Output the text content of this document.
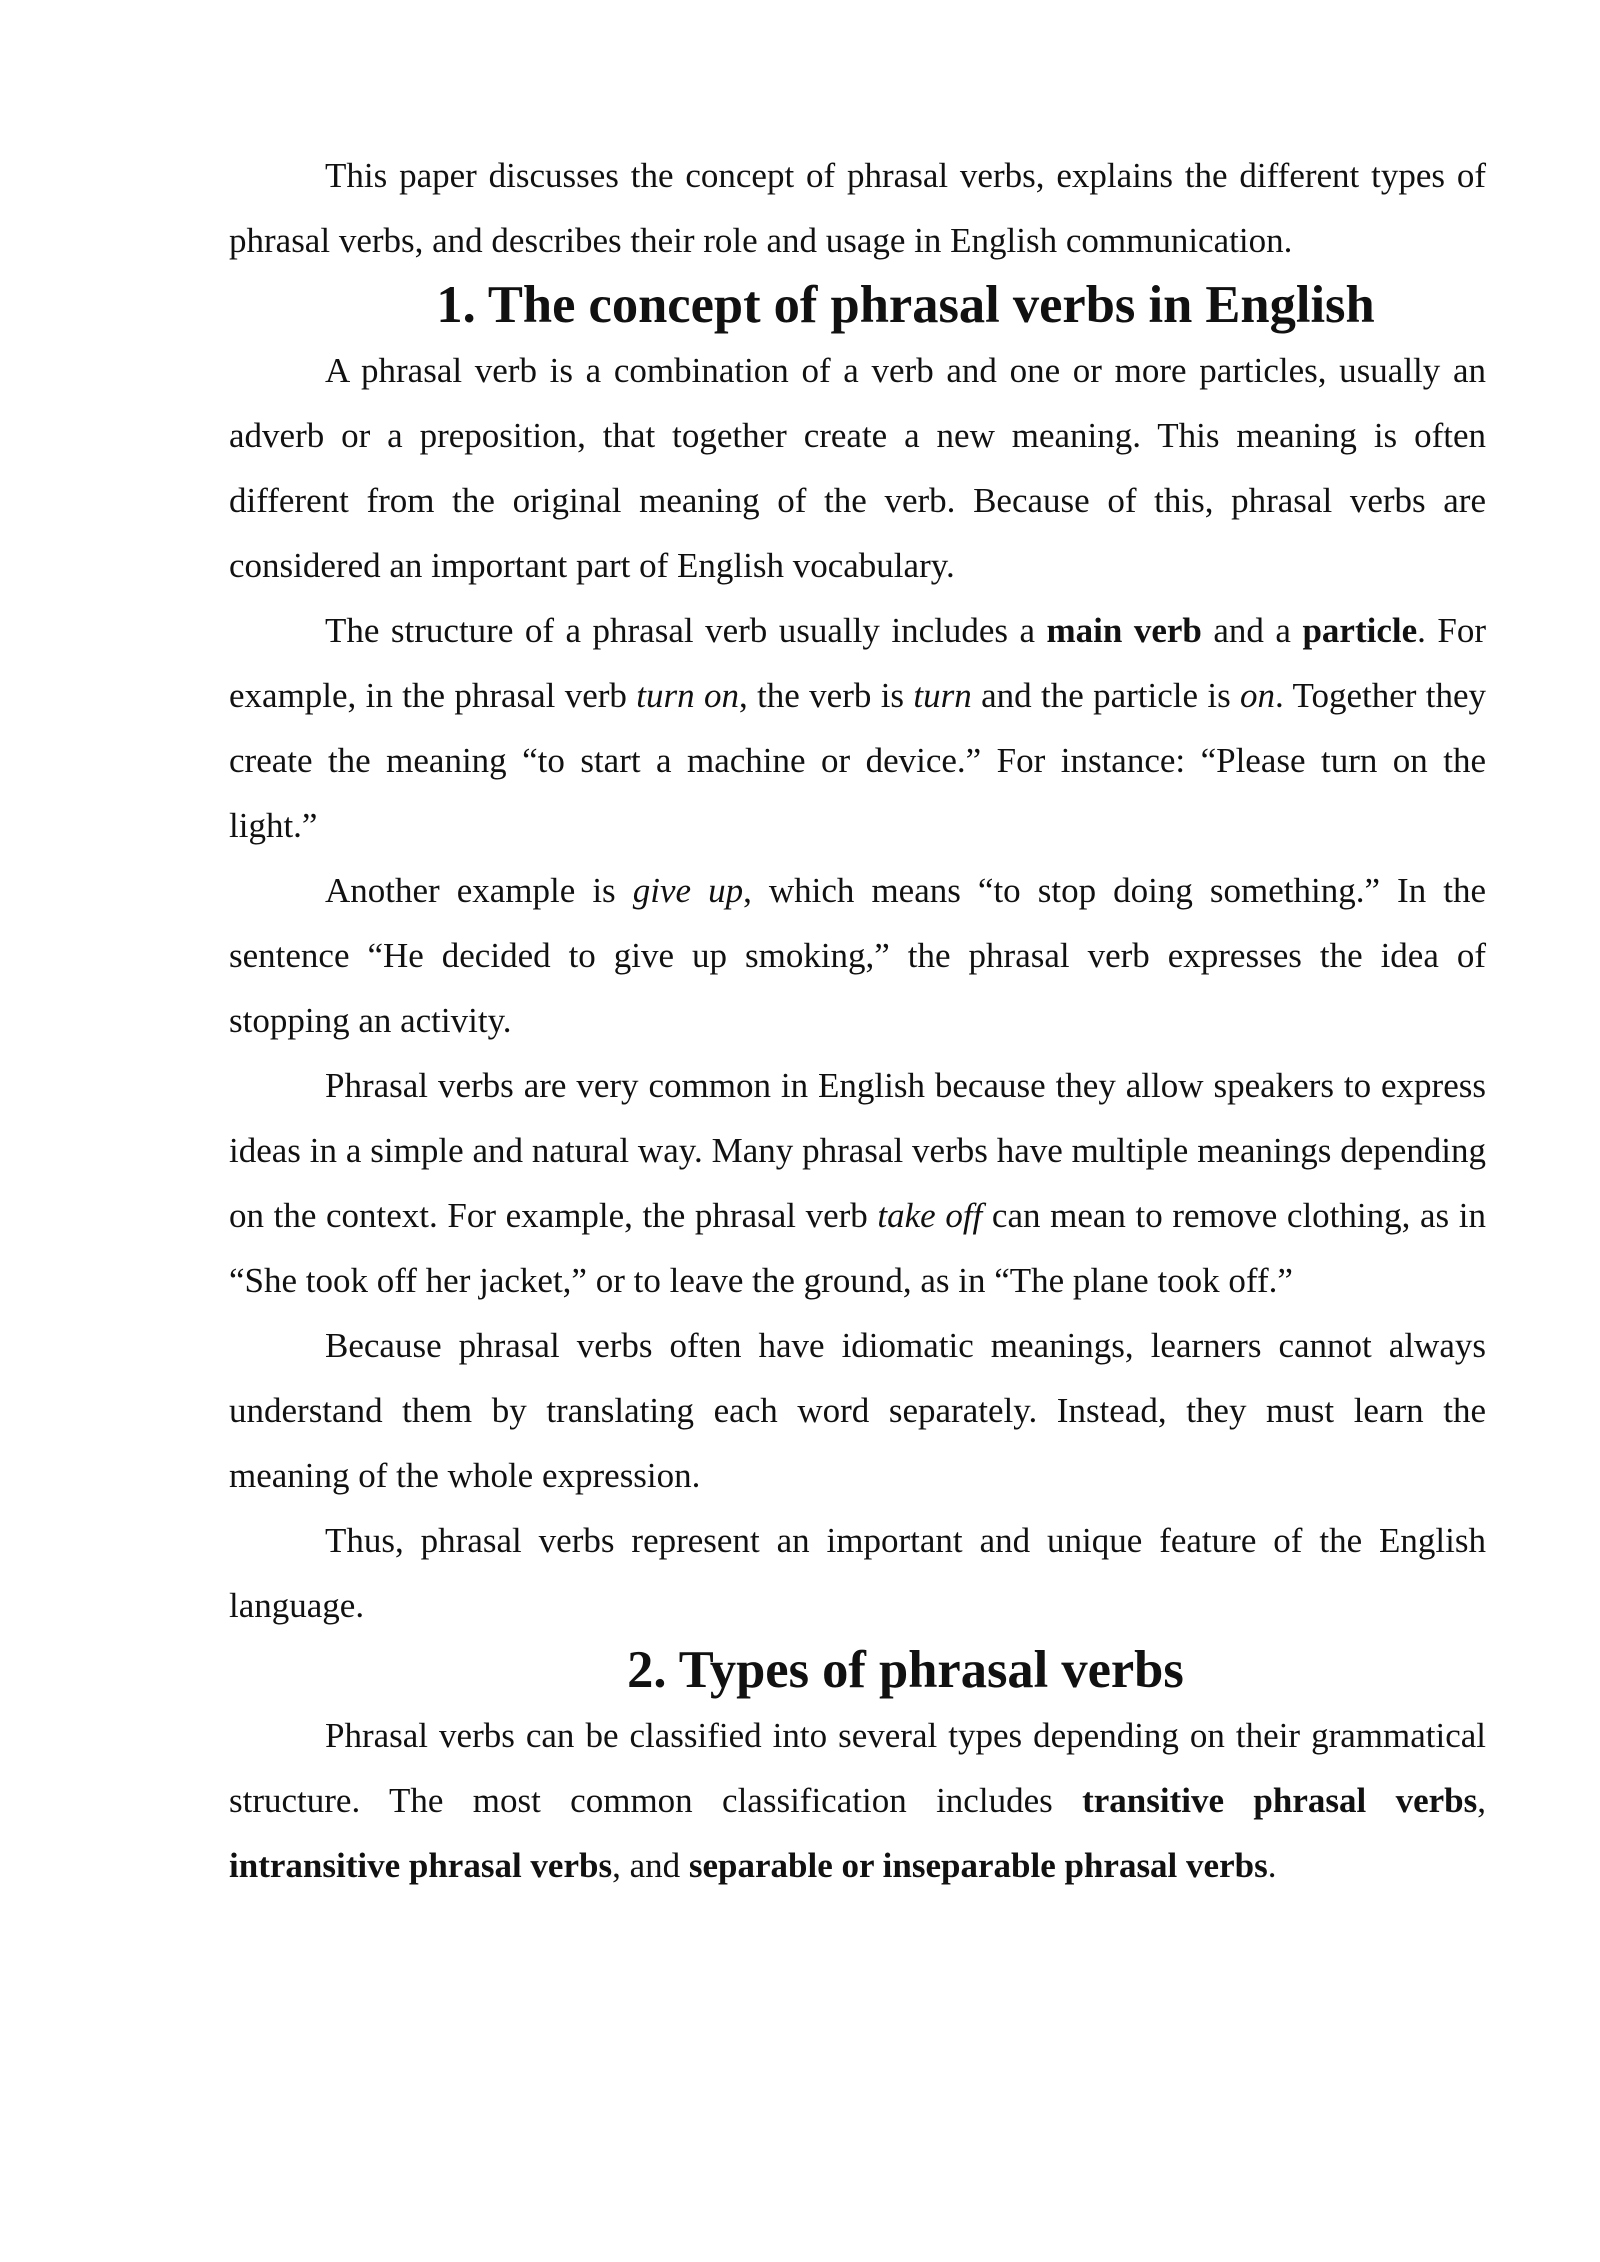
This paper discusses the concept of phrasal verbs, explains the different types of phrasal verbs, and describes their role and usage in English communication.

1. The concept of phrasal verbs in English

A phrasal verb is a combination of a verb and one or more particles, usually an adverb or a preposition, that together create a new meaning. This meaning is often different from the original meaning of the verb. Because of this, phrasal verbs are considered an important part of English vocabulary.

The structure of a phrasal verb usually includes a main verb and a particle. For example, in the phrasal verb turn on, the verb is turn and the particle is on. Together they create the meaning “to start a machine or device.” For instance: “Please turn on the light.”

Another example is give up, which means “to stop doing something.” In the sentence “He decided to give up smoking,” the phrasal verb expresses the idea of stopping an activity.

Phrasal verbs are very common in English because they allow speakers to express ideas in a simple and natural way. Many phrasal verbs have multiple meanings depending on the context. For example, the phrasal verb take off can mean to remove clothing, as in “She took off her jacket,” or to leave the ground, as in “The plane took off.”

Because phrasal verbs often have idiomatic meanings, learners cannot always understand them by translating each word separately. Instead, they must learn the meaning of the whole expression.

Thus, phrasal verbs represent an important and unique feature of the English language.

2. Types of phrasal verbs

Phrasal verbs can be classified into several types depending on their grammatical structure. The most common classification includes transitive phrasal verbs, intransitive phrasal verbs, and separable or inseparable phrasal verbs.
